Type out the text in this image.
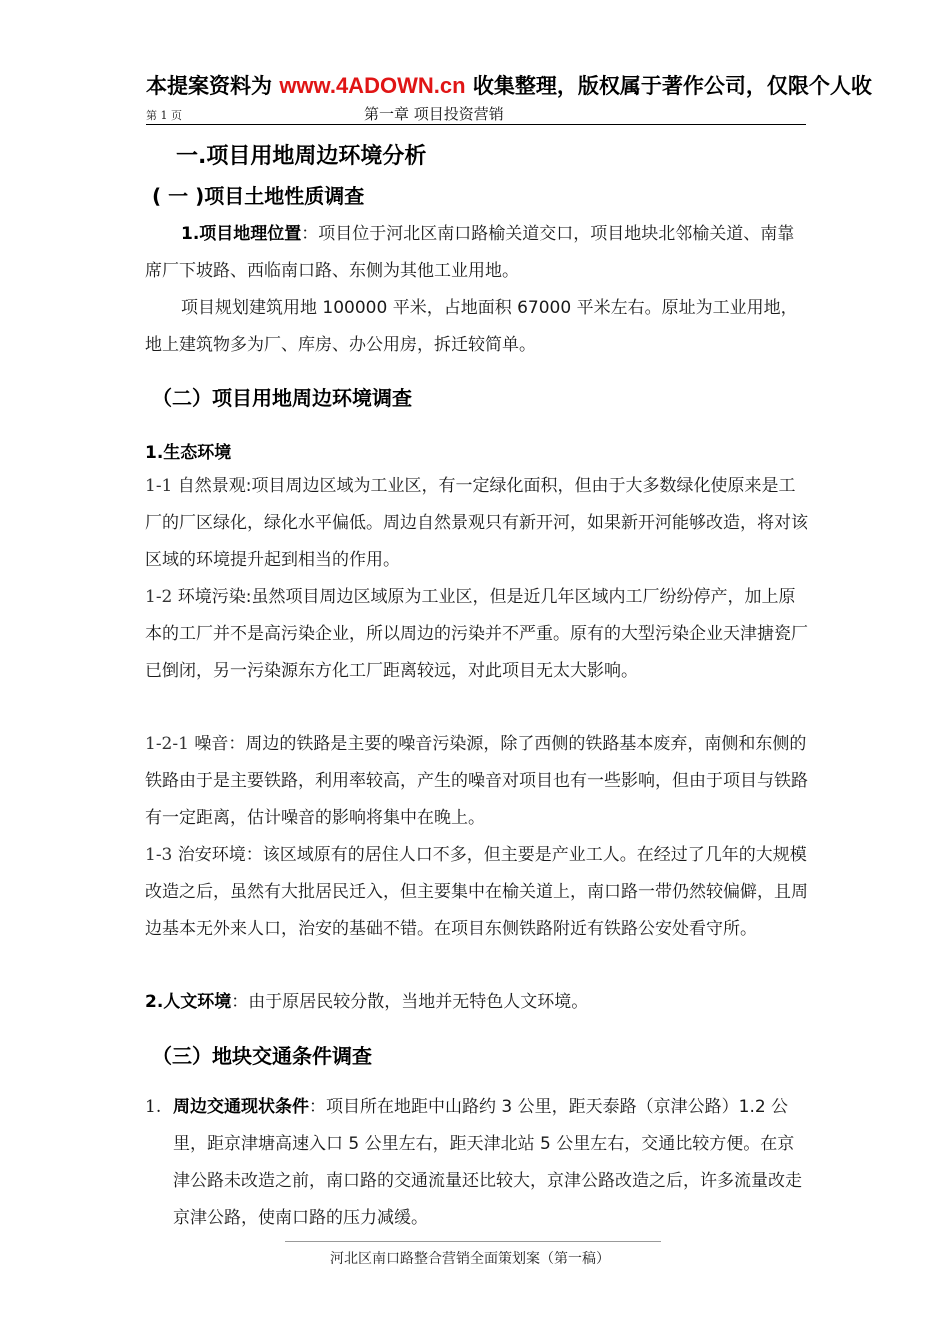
本提案资料为 www.4ADOWN.cn 收集整理，版权属于著作公司，仅限个人收
第 1 页	第一章 项目投资营销
一.项目用地周边环境分析
( 一 )项目土地性质调查
1.项目地理位置：项目位于河北区南口路榆关道交口，项目地块北邻榆关道、南靠席厂下坡路、西临南口路、东侧为其他工业用地。
项目规划建筑用地 100000 平米，占地面积 67000 平米左右。原址为工业用地，地上建筑物多为厂、库房、办公用房，拆迁较简单。
（二）项目用地周边环境调查
1.生态环境
1-1 自然景观:项目周边区域为工业区，有一定绿化面积，但由于大多数绿化使原来是工厂的厂区绿化，绿化水平偏低。周边自然景观只有新开河，如果新开河能够改造，将对该区域的环境提升起到相当的作用。
1-2 环境污染:虽然项目周边区域原为工业区，但是近几年区域内工厂纷纷停产，加上原本的工厂并不是高污染企业，所以周边的污染并不严重。原有的大型污染企业天津搪瓷厂已倒闭，另一污染源东方化工厂距离较远，对此项目无太大影响。
1-2-1 噪音：周边的铁路是主要的噪音污染源，除了西侧的铁路基本废弃，南侧和东侧的铁路由于是主要铁路，利用率较高，产生的噪音对项目也有一些影响，但由于项目与铁路有一定距离，估计噪音的影响将集中在晚上。
1-3 治安环境：该区域原有的居住人口不多，但主要是产业工人。在经过了几年的大规模改造之后，虽然有大批居民迁入，但主要集中在榆关道上，南口路一带仍然较偏僻，且周边基本无外来人口，治安的基础不错。在项目东侧铁路附近有铁路公安处看守所。
2.人文环境：由于原居民较分散，当地并无特色人文环境。
（三）地块交通条件调查
1. 周边交通现状条件：项目所在地距中山路约 3 公里，距天泰路（京津公路）1.2 公里，距京津塘高速入口 5 公里左右，距天津北站 5 公里左右，交通比较方便。在京津公路未改造之前，南口路的交通流量还比较大，京津公路改造之后，许多流量改走京津公路，使南口路的压力减缓。
河北区南口路整合营销全面策划案（第一稿）
